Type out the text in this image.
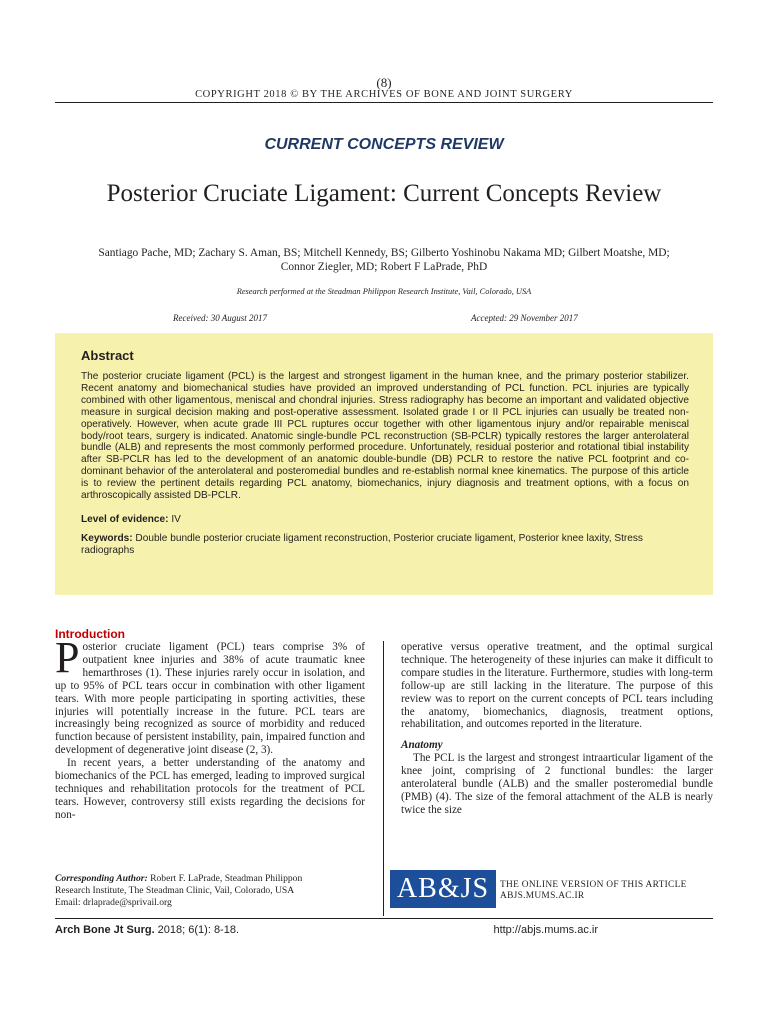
(8)
COPYRIGHT 2018 © BY THE ARCHIVES OF BONE AND JOINT SURGERY
CURRENT CONCEPTS REVIEW
Posterior Cruciate Ligament: Current Concepts Review
Santiago Pache, MD; Zachary S. Aman, BS; Mitchell Kennedy, BS; Gilberto Yoshinobu Nakama MD; Gilbert Moatshe, MD;
Connor Ziegler, MD; Robert F LaPrade, PhD
Research performed at the Steadman Philippon Research Institute, Vail, Colorado, USA
Received: 30 August 2017	Accepted: 29 November 2017
Abstract

The posterior cruciate ligament (PCL) is the largest and strongest ligament in the human knee, and the primary posterior stabilizer. Recent anatomy and biomechanical studies have provided an improved understanding of PCL function. PCL injuries are typically combined with other ligamentous, meniscal and chondral injuries. Stress radiography has become an important and validated objective measure in surgical decision making and post-operative assessment. Isolated grade I or II PCL injuries can usually be treated non-operatively. However, when acute grade III PCL ruptures occur together with other ligamentous injury and/or repairable meniscal body/root tears, surgery is indicated. Anatomic single-bundle PCL reconstruction (SB-PCLR) typically restores the larger anterolateral bundle (ALB) and represents the most commonly performed procedure. Unfortunately, residual posterior and rotational tibial instability after SB-PCLR has led to the development of an anatomic double-bundle (DB) PCLR to restore the native PCL footprint and co-dominant behavior of the anterolateral and posteromedial bundles and re-establish normal knee kinematics. The purpose of this article is to review the pertinent details regarding PCL anatomy, biomechanics, injury diagnosis and treatment options, with a focus on arthroscopically assisted DB-PCLR.

Level of evidence: IV

Keywords: Double bundle posterior cruciate ligament reconstruction, Posterior cruciate ligament, Posterior knee laxity, Stress radiographs

Introduction

Posterior cruciate ligament (PCL) tears comprise 3% of outpatient knee injuries and 38% of acute traumatic knee hemarthroses (1). These injuries rarely occur in isolation, and up to 95% of PCL tears occur in combination with other ligament tears. With more people participating in sporting activities, these injuries will potentially increase in the future. PCL tears are increasingly being recognized as source of morbidity and reduced function because of persistent instability, pain, impaired function and development of degenerative joint disease (2, 3).

In recent years, a better understanding of the anatomy and biomechanics of the PCL has emerged, leading to improved surgical techniques and rehabilitation protocols for the treatment of PCL tears. However, controversy still exists regarding the decisions for non-

operative versus operative treatment, and the optimal surgical technique. The heterogeneity of these injuries can make it difficult to compare studies in the literature. Furthermore, studies with long-term follow-up are still lacking in the literature. The purpose of this review was to report on the current concepts of PCL tears including the anatomy, biomechanics, diagnosis, treatment options, rehabilitation, and outcomes reported in the literature.

Anatomy

The PCL is the largest and strongest intraarticular ligament of the knee joint, comprising of 2 functional bundles: the larger anterolateral bundle (ALB) and the smaller posteromedial bundle (PMB) (4). The size of the femoral attachment of the ALB is nearly twice the size

Corresponding Author: Robert F. LaPrade, Steadman Philippon
Research Institute, The Steadman Clinic, Vail, Colorado, USA
Email: drlaprade@sprivail.org	AB&JS	THE ONLINE VERSION OF THIS ARTICLE
ABJS.MUMS.AC.IR
Arch Bone Jt Surg. 2018; 6(1): 8-18.	http://abjs.mums.ac.ir
